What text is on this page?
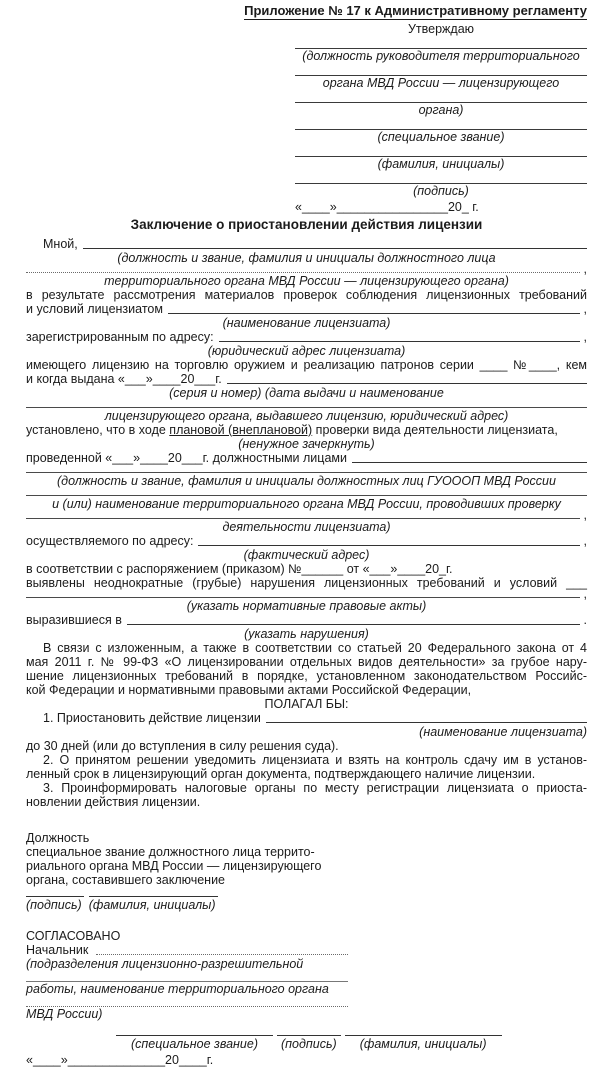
Приложение № 17 к Административному регламенту
Утверждаю
(должность руководителя территориального
органа МВД России — лицензирующего
органа)
(специальное звание)
(фамилия, инициалы)
(подпись)
«____»________________20_ г.
Заключение о приостановлении действия лицензии
Мной,
(должность и звание, фамилия и инициалы должностного лица
,
территориального органа МВД России — лицензирующего органа)
в результате рассмотрения материалов проверок соблюдения лицензионных требований
и условий лицензиатом	,
(наименование лицензиата)
зарегистрированным по адресу:	,
(юридический адрес лицензиата)
имеющего лицензию на торговлю оружием и реализацию патронов серии ____ №____, кем
и когда выдана «___»____20___г.
(серия и номер) (дата выдачи и наименование
лицензирующего органа, выдавшего лицензию, юридический адрес)
установлено, что в ходе плановой (внеплановой) проверки вида деятельности лицензиата,
(ненужное зачеркнуть)
проведенной «___»____20___г. должностными лицами
(должность и звание, фамилия и инициалы должностных лиц ГУОООП МВД России
и (или) наименование территориального органа МВД России, проводивших проверку
,
деятельности лицензиата)
осуществляемого по адресу:	,
(фактический адрес)
в соответствии с распоряжением (приказом) №______ от «___»____20_г.
выявлены неоднократные (грубые) нарушения лицензионных требований и условий ___
,
(указать нормативные правовые акты)
выразившиеся в	.
(указать нарушения)
В связи с изложенным, а также в соответствии со статьей 20 Федерального закона от 4
мая 2011 г. № 99-ФЗ «О лицензировании отдельных видов деятельности» за грубое нару-
шение лицензионных требований в порядке, установленном законодательством Российс-
кой Федерации и нормативными правовыми актами Российской Федерации,
ПОЛАГАЛ БЫ:
1. Приостановить действие лицензии
(наименование лицензиата)
до 30 дней (или до вступления в силу решения суда).
2. О принятом решении уведомить лицензиата и взять на контроль сдачу им в установ-
ленный срок в лицензирующий орган документа, подтверждающего наличие лицензии.
3. Проинформировать налоговые органы по месту регистрации лицензиата о приоста-
новлении действия лицензии.
Должность
специальное звание должностного лица террито-
риального органа МВД России — лицензирующего
органа, составившего заключение
(подпись) (фамилия, инициалы)
СОГЛАСОВАНО
Начальник
(подразделения лицензионно-разрешительной
работы, наименование территориального органа
МВД России)
(специальное звание) (подпись) (фамилия, инициалы)
«____»______________20____г.
